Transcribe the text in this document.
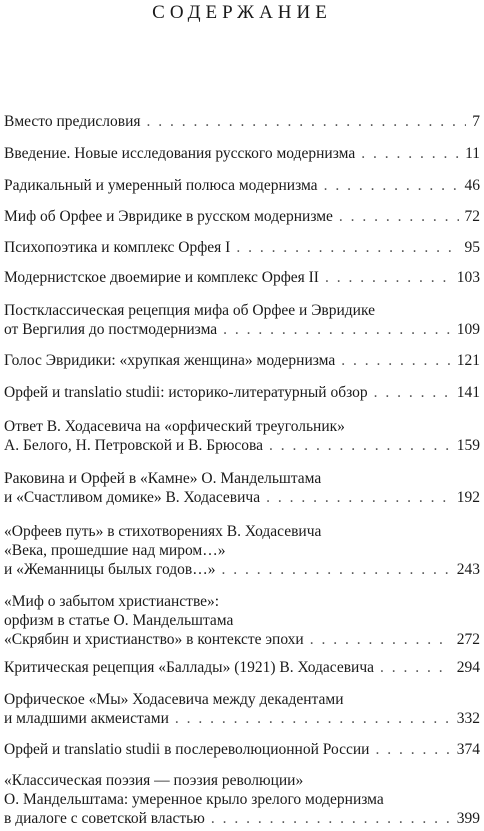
СОДЕРЖАНИЕ
Вместо предисловия . . .	7
Введение. Новые исследования русского модернизма . . .	11
Радикальный и умеренный полюса модернизма . . .	46
Миф об Орфее и Эвридике в русском модернизме . . .	72
Психопоэтика и комплекс Орфея I . . .	95
Модернистское двоемирие и комплекс Орфея II . . .	103
Постклассическая рецепция мифа об Орфее и Эвридике
от Вергилия до постмодернизма . . .	109
Голос Эвридики: «хрупкая женщина» модернизма . . .	121
Орфей и translatio studii: историко-литературный обзор . . .	141
Ответ В. Ходасевича на «орфический треугольник»
А. Белого, Н. Петровской и В. Брюсова . . .	159
Раковина и Орфей в «Камне» О. Мандельштама
и «Счастливом домике» В. Ходасевича . . .	192
«Орфеев путь» в стихотворениях В. Ходасевича
«Века, прошедшие над миром…»
и «Жеманницы былых годов…» . . .	243
«Миф о забытом христианстве»:
орфизм в статье О. Мандельштама
«Скрябин и христианство» в контексте эпохи . . .	272
Критическая рецепция «Баллады» (1921) В. Ходасевича . . .	294
Орфическое «Мы» Ходасевича между декадентами
и младшими акмеистами . . .	332
Орфей и translatio studii в послереволюционной России . . .	374
«Классическая поэзия — поэзия революции»
О. Мандельштама: умеренное крыло зрелого модернизма
в диалоге с советской властью . . .	399
